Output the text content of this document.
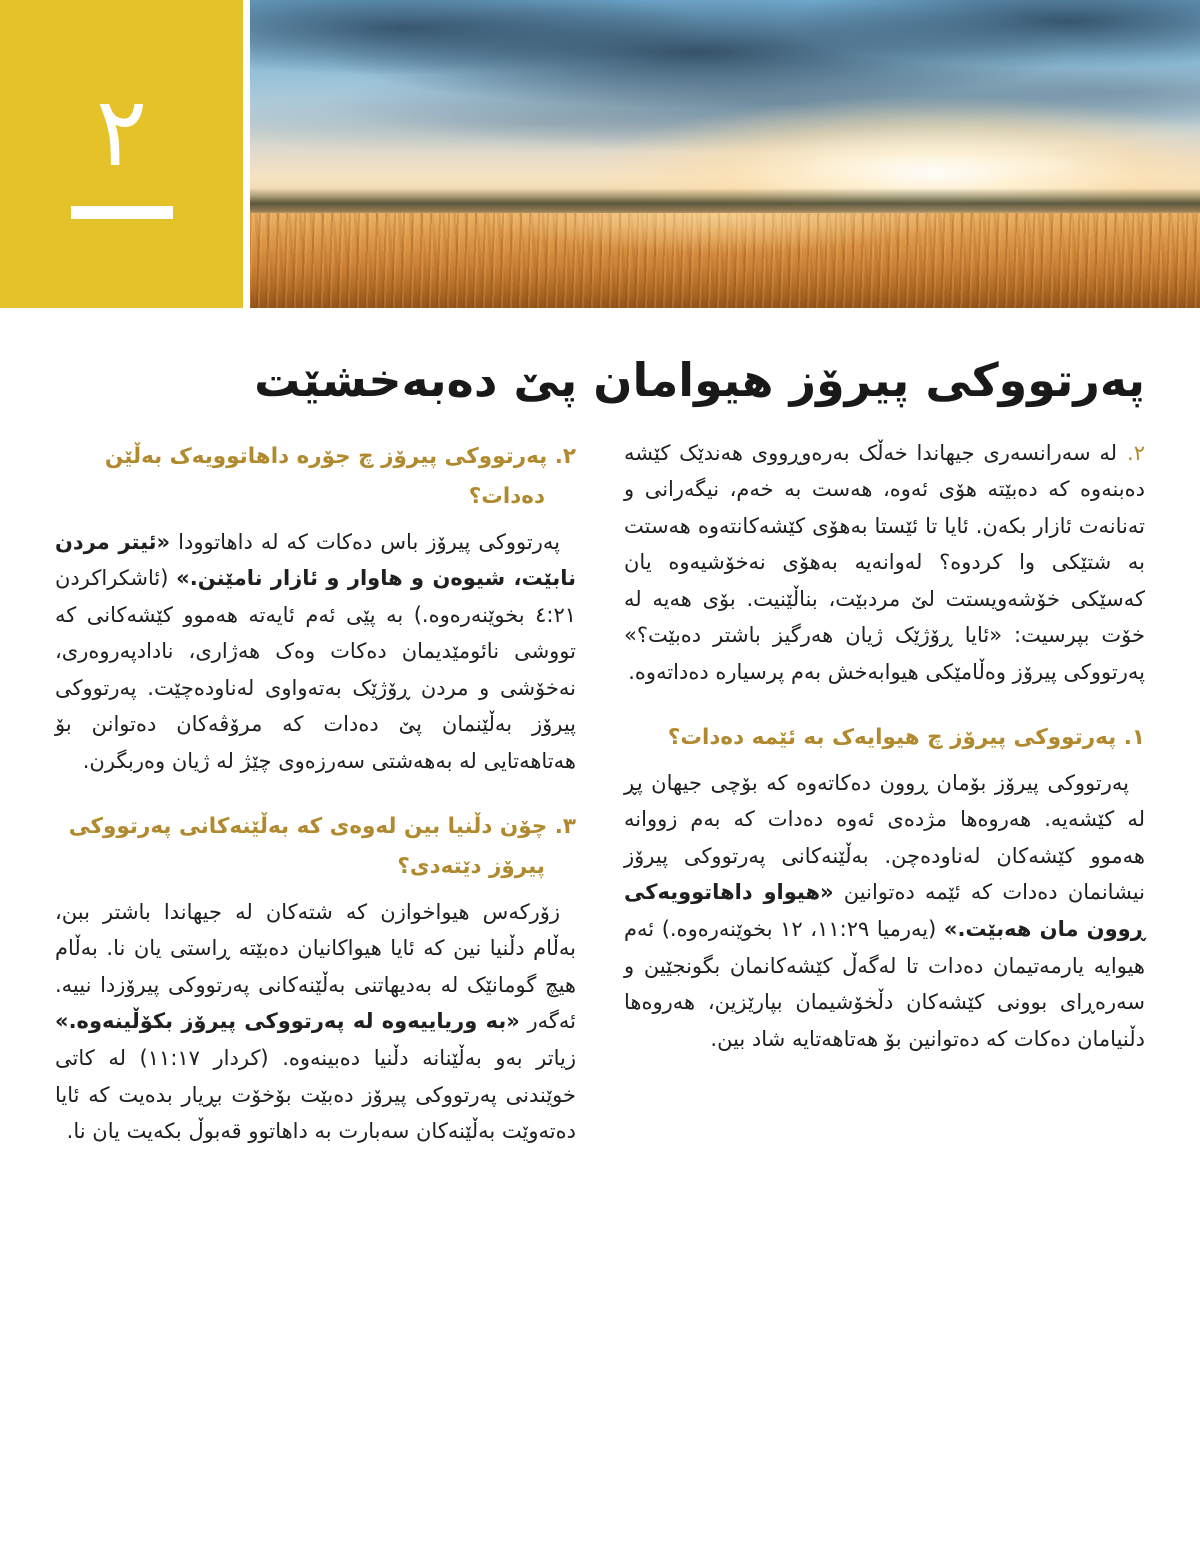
٢
پەرتووکی پیرۆز هیوامان پێ دەبەخشێت

٢.لە سەرانسەری جیهاندا خەڵک بەرەوڕووی هەندێک کێشە دەبنەوە کە دەبێتە هۆی ئەوە، هەست بە خەم، نیگەرانی و تەنانەت ئازار بکەن. ئایا تا ئێستا بەهۆی کێشەکانتەوە هەستت بە شتێکی وا کردوە؟ لەوانەیە بەهۆی نەخۆشیەوە یان کەسێکی خۆشەویستت لێ مردبێت، بناڵێنیت. بۆی هەیە لە خۆت بپرسیت: «ئایا ڕۆژێک ژیان هەرگیز باشتر دەبێت؟» پەرتووکی پیرۆز وەڵامێکی هیوابەخش بەم پرسیارە دەداتەوە.

١. پەرتووکی پیرۆز چ هیوایەک بە ئێمە دەدات؟

پەرتووکی پیرۆز بۆمان ڕوون دەکاتەوە کە بۆچی جیهان پڕ لە کێشەیە. هەروەها مژدەی ئەوە دەدات کە بەم زووانە هەموو کێشەکان لەناودەچن. بەڵێنەکانی پەرتووکی پیرۆز نیشانمان دەدات کە ئێمە دەتوانین «هیواو داهاتوویەکی ڕوون مان هەبێت.» (یەرمیا ٢٩‏:‏١١، ١٢ بخوێنەرەوە.) ئەم هیوایە یارمەتیمان دەدات تا لەگەڵ کێشەکانمان بگونجێین و سەرەڕای بوونی کێشەکان دڵخۆشیمان بپارێزین، هەروەها دڵنیامان دەکات کە دەتوانین بۆ هەتاهەتایە شاد بین.

٢. پەرتووکی پیرۆز چ جۆرە داهاتوویەک بەڵێن دەدات؟

پەرتووکی پیرۆز باس دەکات کە لە داهاتوودا «ئیتر مردن نابێت، شیوەن و هاوار و ئازار نامێنن.» (ئاشکراکردن ٢١‏:‏٤ بخوێنەرەوە.) بە پێی ئەم ئایەتە هەموو کێشەکانی کە تووشی نائومێدیمان دەکات وەک هەژاری، نادادپەروەری، نەخۆشی و مردن ڕۆژێک بەتەواوی لەناودەچێت. پەرتووکی پیرۆز بەڵێنمان پێ دەدات کە مرۆڤەکان دەتوانن بۆ هەتاهەتایی لە بەهەشتی سەرزەوی چێژ لە ژیان وەربگرن.

٣. چۆن دڵنیا بین لەوەی کە بەڵێنەکانی پەرتووکی پیرۆز دێتەدی؟

زۆرکەس هیواخوازن کە شتەکان لە جیهاندا باشتر ببن، بەڵام دڵنیا نین کە ئایا هیواکانیان دەبێتە ڕاستی یان نا. بەڵام هیچ گومانێک لە بەدیهاتنی بەڵێنەکانی پەرتووکی پیرۆزدا نییە. ئەگەر «بە وریاییەوە لە پەرتووکی پیرۆز بکۆڵینەوە.» زیاتر بەو بەڵێنانە دڵنیا دەبینەوە. (کردار ١٧‏:‏١١) لە کاتی خوێندنی پەرتووکی پیرۆز دەبێت بۆخۆت بڕیار بدەیت کە ئایا دەتەوێت بەڵێنەکان سەبارت بە داهاتوو قەبوڵ بکەیت یان نا.
